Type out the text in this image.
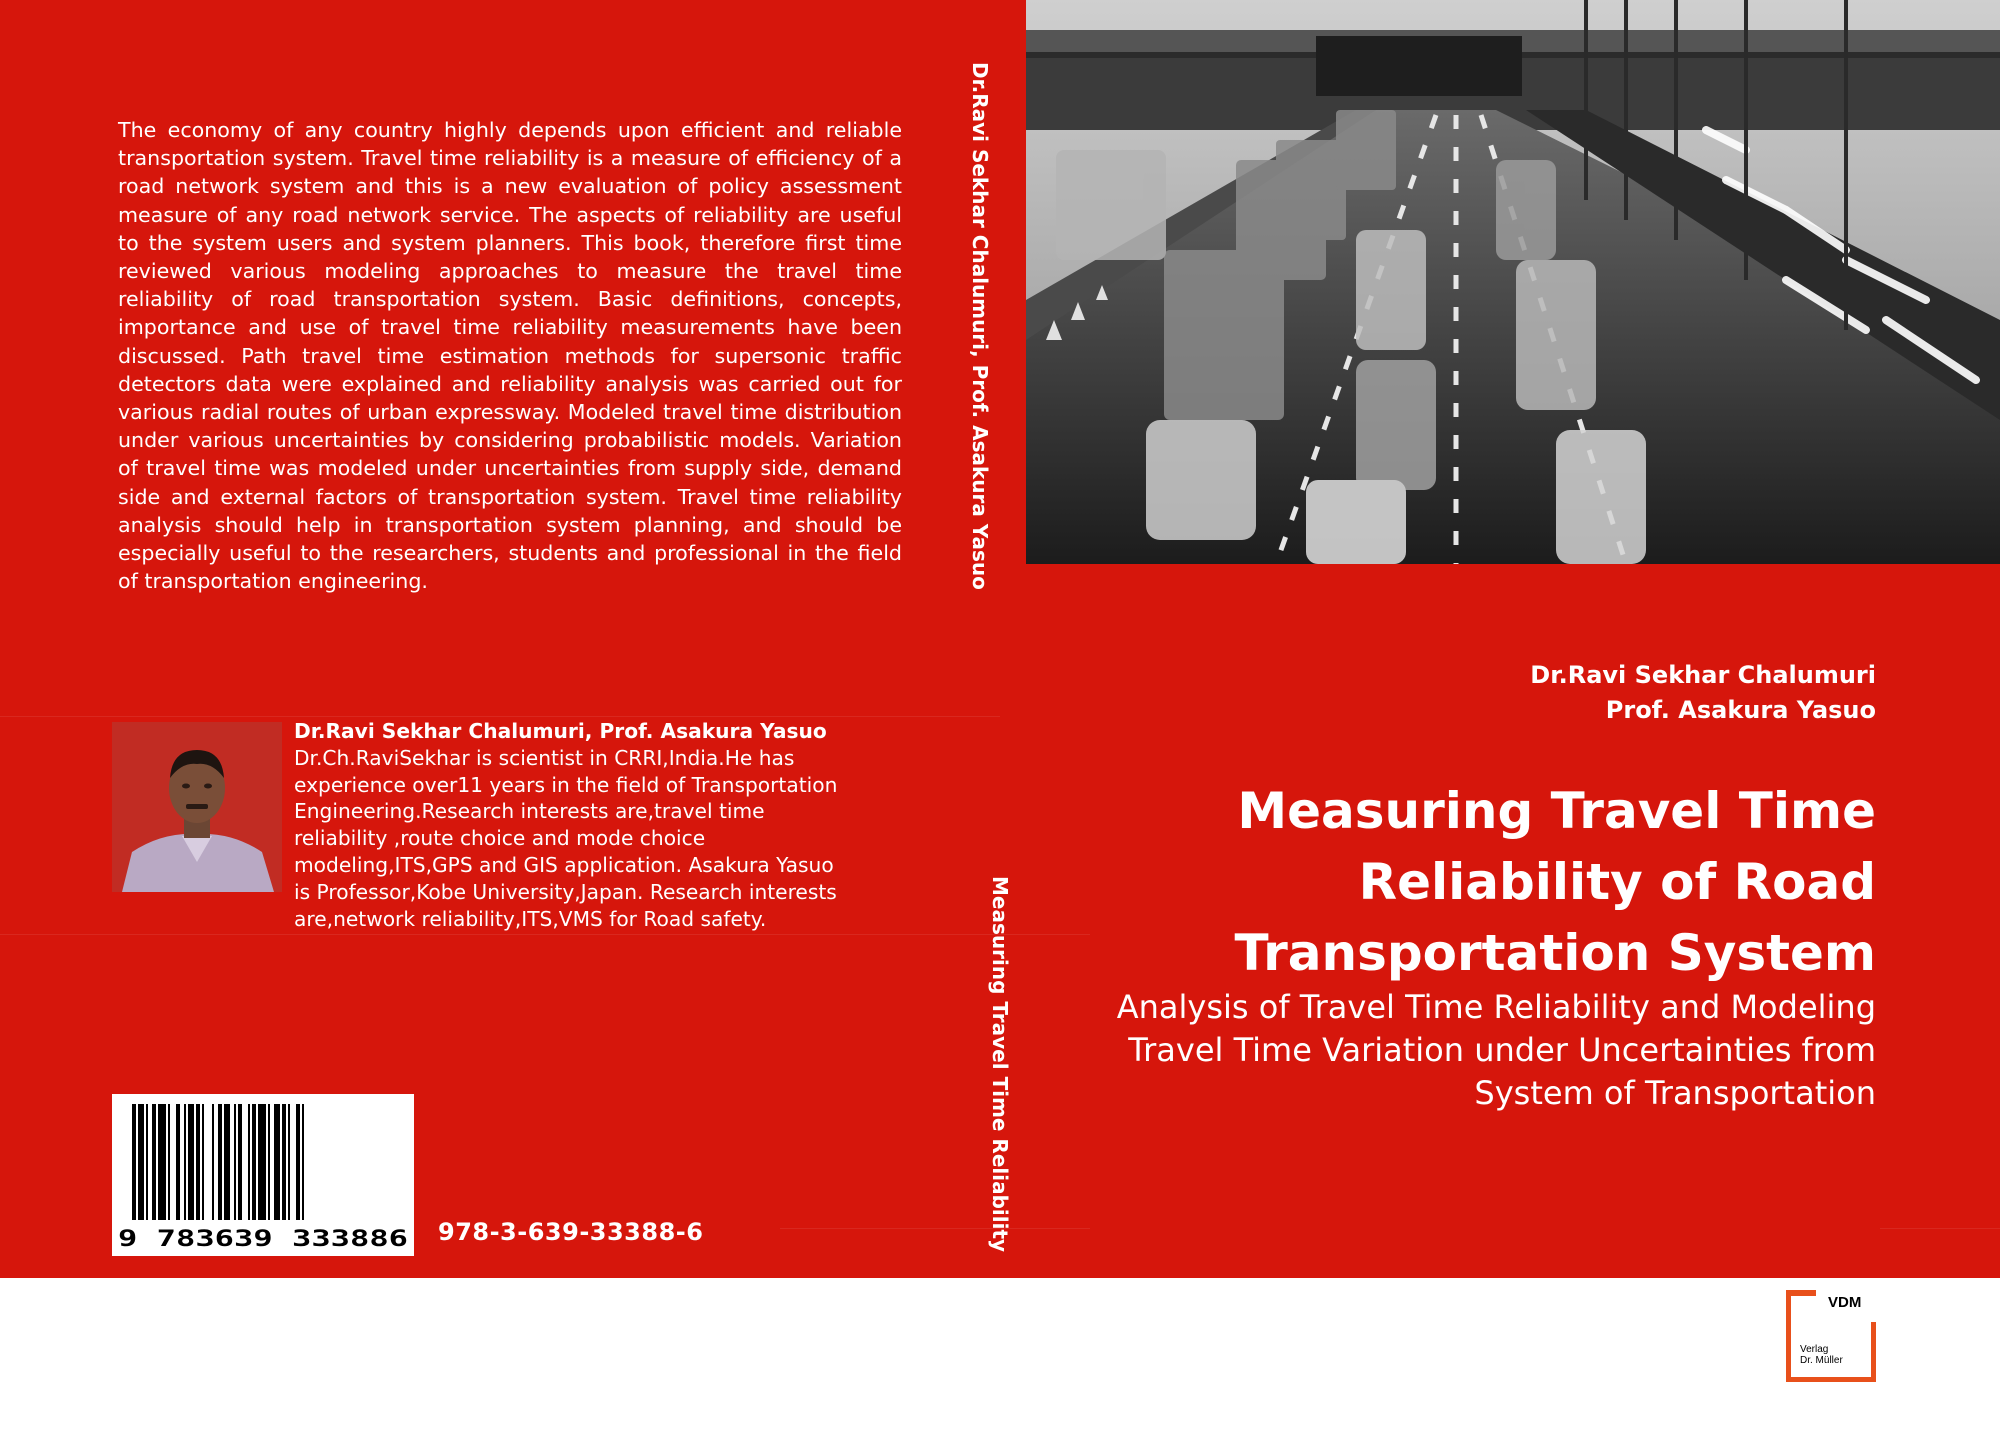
The economy of any country highly depends upon efficient and reliable transportation system. Travel time reliability is a measure of efficiency of a road network system and this is a new evaluation of policy assessment measure of any road network service. The aspects of reliability are useful to the system users and system planners. This book, therefore first time reviewed various modeling approaches to measure the travel time reliability of road transportation system. Basic definitions, concepts, importance and use of travel time reliability measurements have been discussed. Path travel time estimation methods for supersonic traffic detectors data were explained and reliability analysis was carried out for various radial routes of urban expressway. Modeled travel time distribution under various uncertainties by considering probabilistic models. Variation of travel time was modeled under uncertainties from supply side, demand side and external factors of transportation system. Travel time reliability analysis should help in transportation system planning, and should be especially useful to the researchers, students and professional in the field of transportation engineering.
Dr.Ravi Sekhar Chalumuri, Prof. Asakura Yasuo
Dr.Ch.RaviSekhar is scientist in CRRI,India.He has experience over11 years in the field of Transportation Engineering.Research interests are,travel time reliability ,route choice and mode choice modeling,ITS,GPS and GIS application. Asakura Yasuo is Professor,Kobe University,Japan. Research interests are,network reliability,ITS,VMS for Road safety.
9 783639 333886 978-3-639-33388-6
Dr.Ravi Sekhar Chalumuri, Prof. Asakura Yasuo
Measuring Travel Time Reliability
Dr.Ravi Sekhar Chalumuri
Prof. Asakura Yasuo
Measuring Travel Time
Reliability of Road
Transportation System
Analysis of Travel Time Reliability and Modeling
Travel Time Variation under Uncertainties from
System of Transportation
VDM
Verlag
Dr. Müller
